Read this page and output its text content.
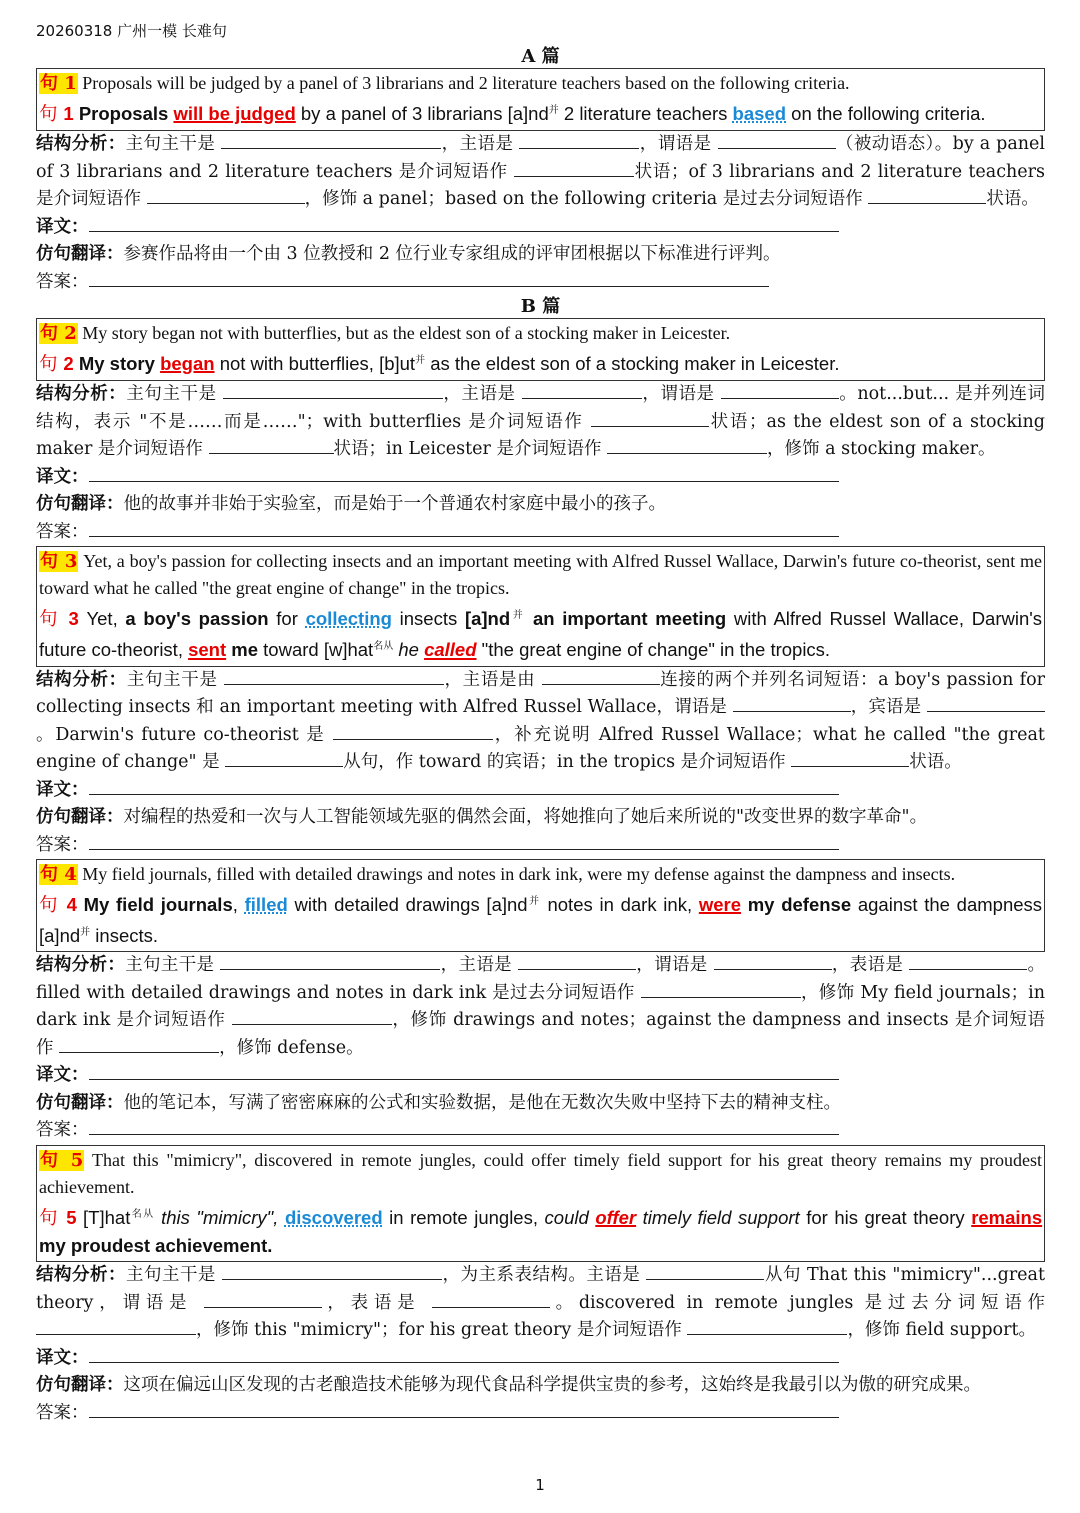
20260318 广州一模 长难句
A 篇
句 1 Proposals will be judged by a panel of 3 librarians and 2 literature teachers based on the following criteria.
句 1 Proposals will be judged by a panel of 3 librarians $[a]nd^并$ 2 literature teachers based on the following criteria.
结构分析：主句主干是	，主语是	，谓语是	（被动语态）。by a panel of 3 librarians and 2 literature teachers 是介词短语作	状语；of 3 librarians and 2 literature teachers 是介词短语作	，修饰 a panel；based on the following criteria 是过去分词短语作	状语。
译文：
仿句翻译：参赛作品将由一个由 3 位教授和 2 位行业专家组成的评审团根据以下标准进行评判。
答案：
B 篇
句 2 My story began not with butterflies, but as the eldest son of a stocking maker in Leicester.
句 2 My story began not with butterflies, $[b]ut^并$ as the eldest son of a stocking maker in Leicester.
结构分析：主句主干是	，主语是	，谓语是	。not...but... 是并列连词结构，表示 "不是……而是……"；with butterflies 是介词短语作	状语；as the eldest son of a stocking maker 是介词短语作	状语；in Leicester 是介词短语作	，修饰 a stocking maker。
译文：
仿句翻译：他的故事并非始于实验室，而是始于一个普通农村家庭中最小的孩子。
答案：
句 3 Yet, a boy's passion for collecting insects and an important meeting with Alfred Russel Wallace, Darwin's future co-theorist, sent me toward what he called "the great engine of change" in the tropics.
句 3 Yet, a boy's passion for collecting insects $[a]nd^并$ an important meeting with Alfred Russel Wallace, Darwin's future co-theorist, sent me toward [w]hat$^{名从}$ he called "the great engine of change" in the tropics.
结构分析：主句主干是	，主语是由	连接的两个并列名词短语：a boy's passion for collecting insects 和 an important meeting with Alfred Russel Wallace，谓语是	，宾语是 。Darwin's future co-theorist 是	，补充说明 Alfred Russel Wallace；what he called "the great engine of change" 是	从句，作 toward 的宾语；in the tropics 是介词短语作	状语。
译文：
仿句翻译：对编程的热爱和一次与人工智能领域先驱的偶然会面，将她推向了她后来所说的"改变世界的数字革命"。
答案：
句 4 My field journals, filled with detailed drawings and notes in dark ink, were my defense against the dampness and insects.
句 4 My field journals, filled with detailed drawings $[a]nd^并$ notes in dark ink, were my defense against the dampness $[a]nd^并$ insects.
结构分析：主句主干是	，主语是	，谓语是	，表语是	。filled with detailed drawings and notes in dark ink 是过去分词短语作	，修饰 My field journals；in dark ink 是介词短语作	，修饰 drawings and notes；against the dampness and insects 是介词短语作	，修饰 defense。
译文：
仿句翻译：他的笔记本，写满了密密麻麻的公式和实验数据，是他在无数次失败中坚持下去的精神支柱。
答案：
句 5 That this "mimicry", discovered in remote jungles, could offer timely field support for his great theory remains my proudest achievement.
句 5 [T]hat$^{名从}$ this "mimicry", discovered in remote jungles, could offer timely field support for his great theory remains my proudest achievement.
结构分析：主句主干是	，为主系表结构。主语是	从句 That this "mimicry"...great theory，谓语是	，表语是	。discovered in remote jungles 是过去分词短语作 ，修饰 this "mimicry"；for his great theory 是介词短语作	，修饰 field support。
译文：
仿句翻译：这项在偏远山区发现的古老酿造技术能够为现代食品科学提供宝贵的参考，这始终是我最引以为傲的研究成果。
答案：
1
